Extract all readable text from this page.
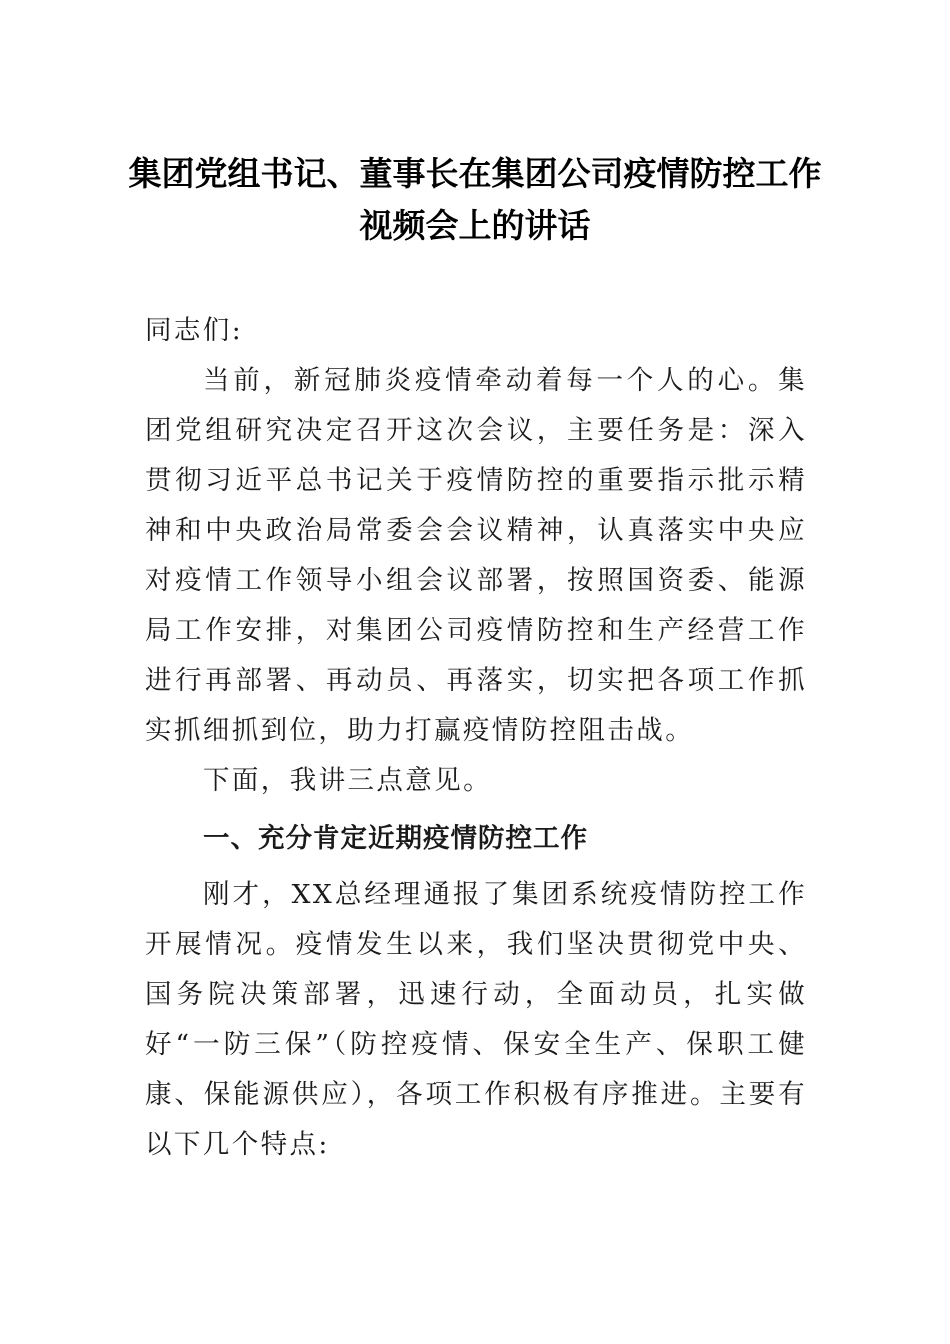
集团党组书记、董事长在集团公司疫情防控工作视频会上的讲话

同志们:

当前，新冠肺炎疫情牵动着每一个人的心。集团党组研究决定召开这次会议，主要任务是：深入贯彻习近平总书记关于疫情防控的重要指示批示精神和中央政治局常委会会议精神，认真落实中央应对疫情工作领导小组会议部署，按照国资委、能源局工作安排，对集团公司疫情防控和生产经营工作进行再部署、再动员、再落实，切实把各项工作抓实抓细抓到位，助力打赢疫情防控阻击战。

下面，我讲三点意见。

一、充分肯定近期疫情防控工作

刚才，XX总经理通报了集团系统疫情防控工作开展情况。疫情发生以来，我们坚决贯彻党中央、国务院决策部署，迅速行动，全面动员，扎实做好“一防三保”（防控疫情、保安全生产、保职工健康、保能源供应），各项工作积极有序推进。主要有以下几个特点:
